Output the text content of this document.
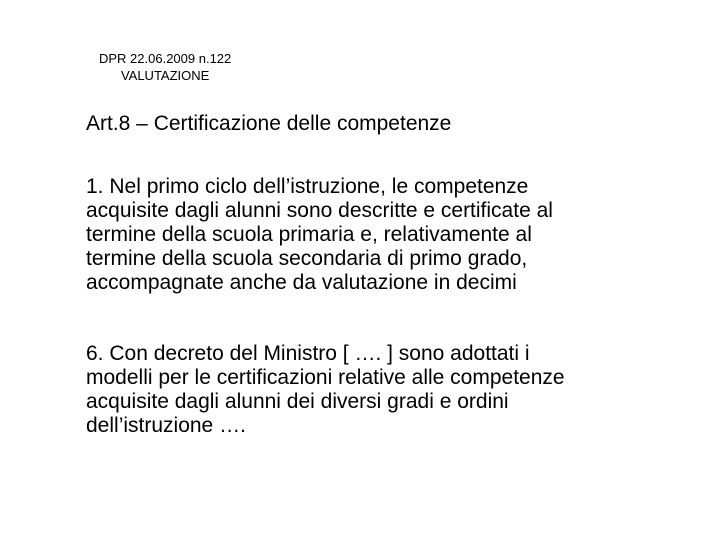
DPR 22.06.2009 n.122
VALUTAZIONE
Art.8 – Certificazione delle competenze
1. Nel primo ciclo dell’istruzione, le competenze
acquisite dagli alunni sono descritte e certificate al
termine della scuola primaria e, relativamente al
termine della scuola secondaria di primo grado,
accompagnate anche da valutazione in decimi
6. Con decreto del Ministro [ …. ] sono adottati i
modelli per le certificazioni relative alle competenze
acquisite dagli alunni dei diversi gradi e ordini
dell’istruzione ….
